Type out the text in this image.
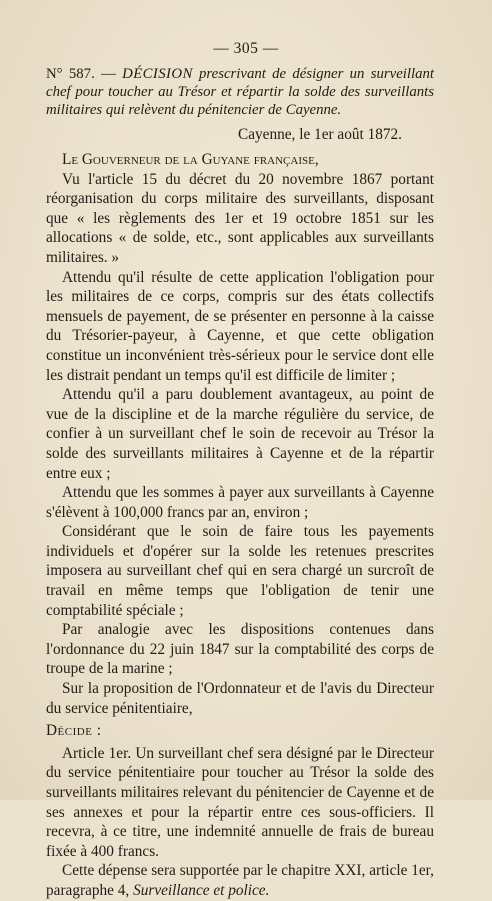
— 305 —
N° 587. — DÉCISION prescrivant de désigner un surveillant chef pour toucher au Trésor et répartir la solde des surveillants militaires qui relèvent du pénitencier de Cayenne.
Cayenne, le 1er août 1872.

Le Gouverneur de la Guyane française,

Vu l'article 15 du décret du 20 novembre 1867 portant réorganisation du corps militaire des surveillants, disposant que « les règlements des 1er et 19 octobre 1851 sur les allocations « de solde, etc., sont applicables aux surveillants militaires. »

Attendu qu'il résulte de cette application l'obligation pour les militaires de ce corps, compris sur des états collectifs mensuels de payement, de se présenter en personne à la caisse du Trésorier-payeur, à Cayenne, et que cette obligation constitue un inconvénient très-sérieux pour le service dont elle les distrait pendant un temps qu'il est difficile de limiter ;

Attendu qu'il a paru doublement avantageux, au point de vue de la discipline et de la marche régulière du service, de confier à un surveillant chef le soin de recevoir au Trésor la solde des surveillants militaires à Cayenne et de la répartir entre eux ;

Attendu que les sommes à payer aux surveillants à Cayenne s'élèvent à 100,000 francs par an, environ ;

Considérant que le soin de faire tous les payements individuels et d'opérer sur la solde les retenues prescrites imposera au surveillant chef qui en sera chargé un surcroît de travail en même temps que l'obligation de tenir une comptabilité spéciale ;

Par analogie avec les dispositions contenues dans l'ordonnance du 22 juin 1847 sur la comptabilité des corps de troupe de la marine ;

Sur la proposition de l'Ordonnateur et de l'avis du Directeur du service pénitentiaire,

Décide :

Article 1er. Un surveillant chef sera désigné par le Directeur du service pénitentiaire pour toucher au Trésor la solde des surveillants militaires relevant du pénitencier de Cayenne et de ses annexes et pour la répartir entre ces sous-officiers. Il recevra, à ce titre, une indemnité annuelle de frais de bureau fixée à 400 francs.

Cette dépense sera supportée par le chapitre XXI, article 1er, paragraphe 4, Surveillance et police.
